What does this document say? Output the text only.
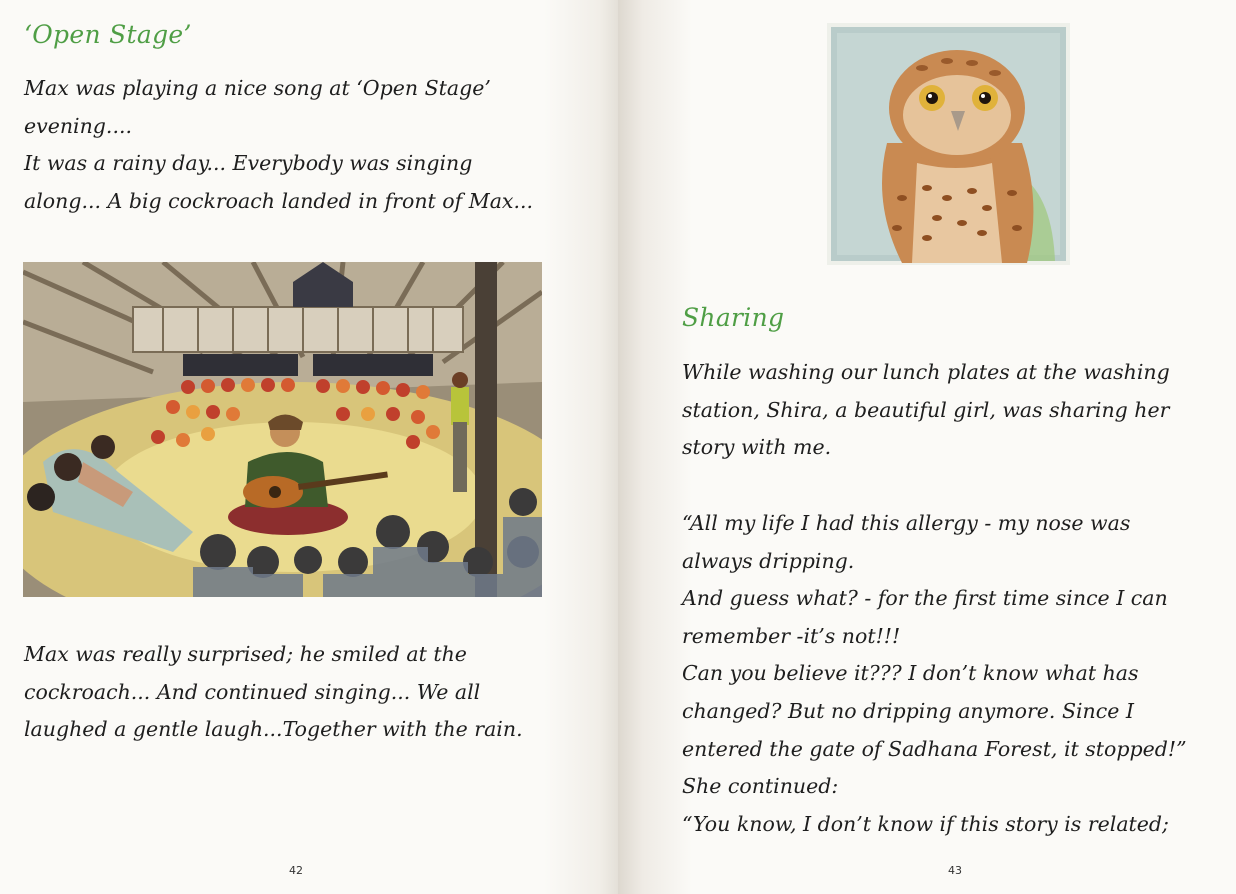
‘Open Stage’
Max was playing a nice song at ‘Open Stage’
evening....
It was a rainy day... Everybody was singing
along... A big cockroach landed in front of Max...
Max was really surprised; he smiled at the
cockroach... And continued singing... We all
laughed a gentle laugh...Together with the rain.
42
Sharing
While washing our lunch plates at the washing
station, Shira, a beautiful girl, was sharing her
story with me.
“All my life I had this allergy - my nose was
always dripping.
And guess what? - for the first time since I can
remember -it’s not!!!
Can you believe it??? I don’t know what has
changed? But no dripping anymore. Since I
entered the gate of Sadhana Forest, it stopped!”
She continued:
“You know, I don’t know if this story is related;
43
